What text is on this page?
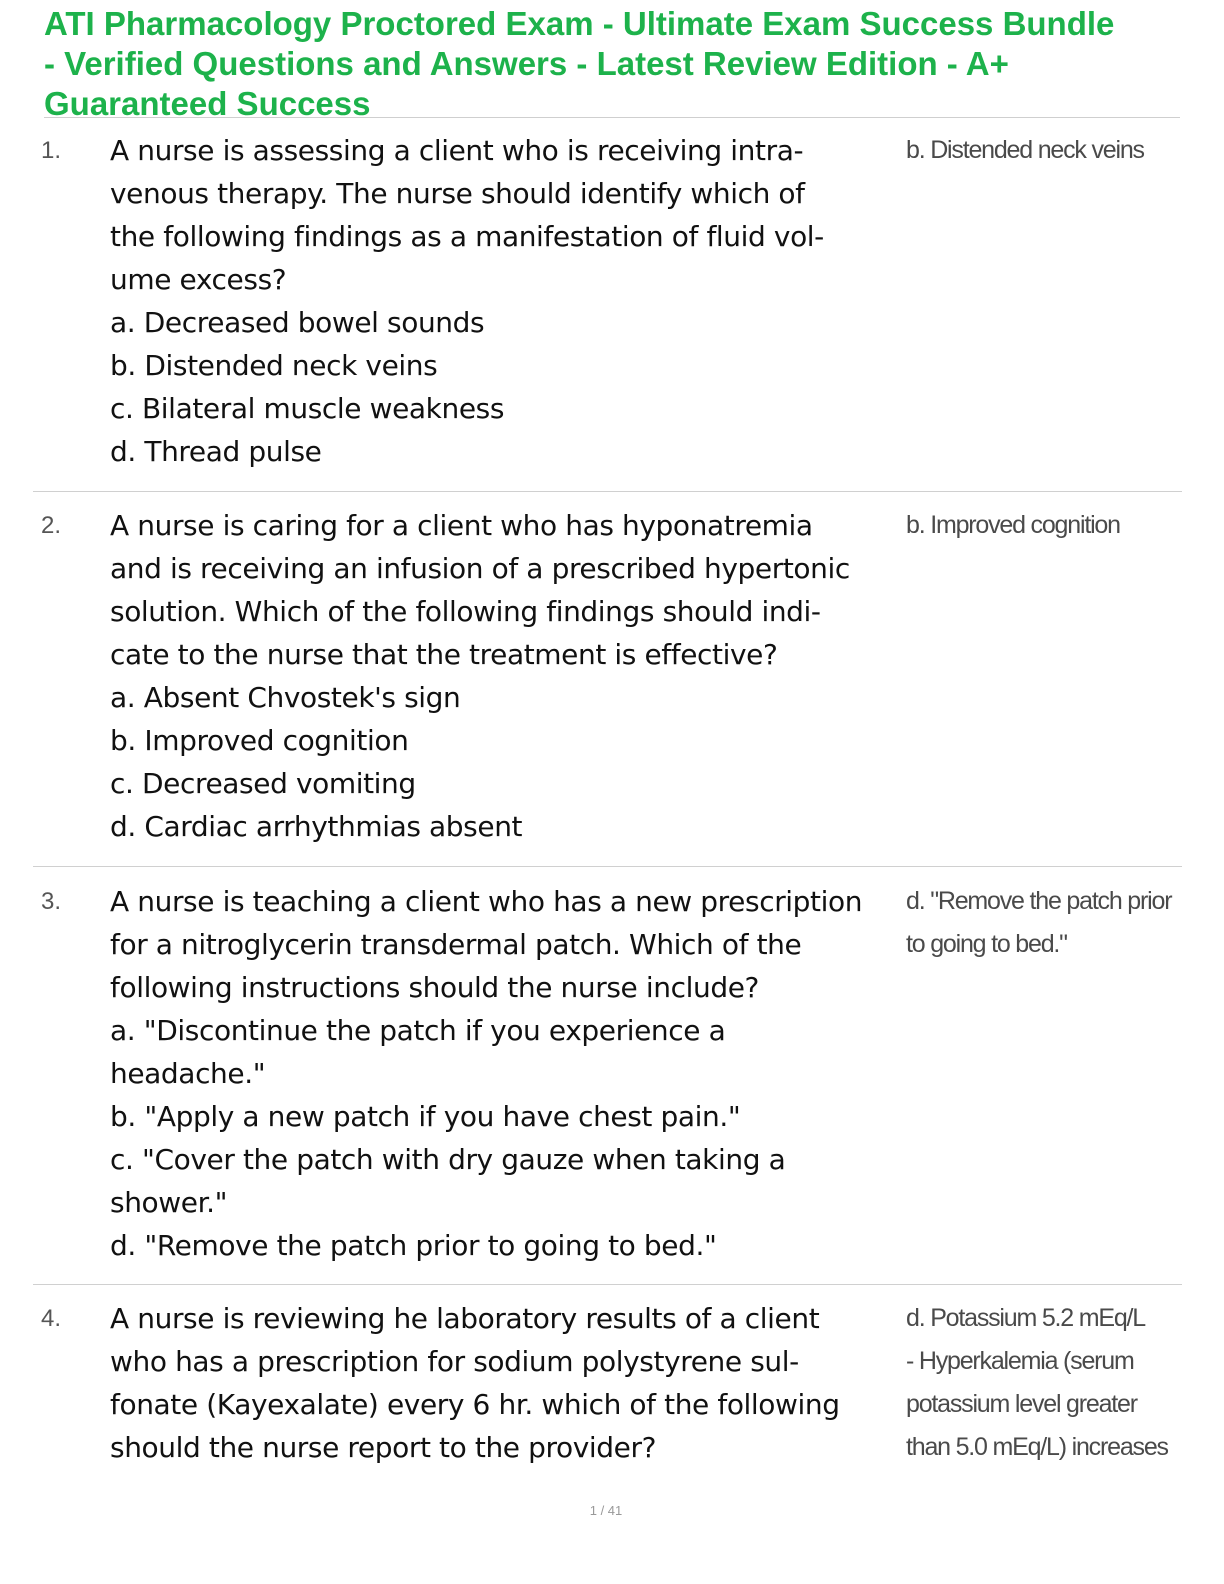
ATI Pharmacology Proctored Exam - Ultimate Exam Success Bundle
- Verified Questions and Answers - Latest Review Edition - A+
Guaranteed Success
1. A nurse is assessing a client who is receiving intra-
venous therapy. The nurse should identify which of
the following findings as a manifestation of fluid vol-
ume excess?
a. Decreased bowel sounds
b. Distended neck veins
c. Bilateral muscle weakness
d. Thread pulse
b. Distended neck veins
2. A nurse is caring for a client who has hyponatremia
and is receiving an infusion of a prescribed hypertonic
solution. Which of the following findings should indi-
cate to the nurse that the treatment is effective?
a. Absent Chvostek's sign
b. Improved cognition
c. Decreased vomiting
d. Cardiac arrhythmias absent
b. Improved cognition
3. A nurse is teaching a client who has a new prescription
for a nitroglycerin transdermal patch. Which of the
following instructions should the nurse include?
a. "Discontinue the patch if you experience a
headache."
b. "Apply a new patch if you have chest pain."
c. "Cover the patch with dry gauze when taking a
shower."
d. "Remove the patch prior to going to bed."
d. "Remove the patch prior
to going to bed."
4. A nurse is reviewing he laboratory results of a client
who has a prescription for sodium polystyrene sul-
fonate (Kayexalate) every 6 hr. which of the following
should the nurse report to the provider?
d. Potassium 5.2 mEq/L
- Hyperkalemia (serum
potassium level greater
than 5.0 mEq/L) increases
1 / 41
